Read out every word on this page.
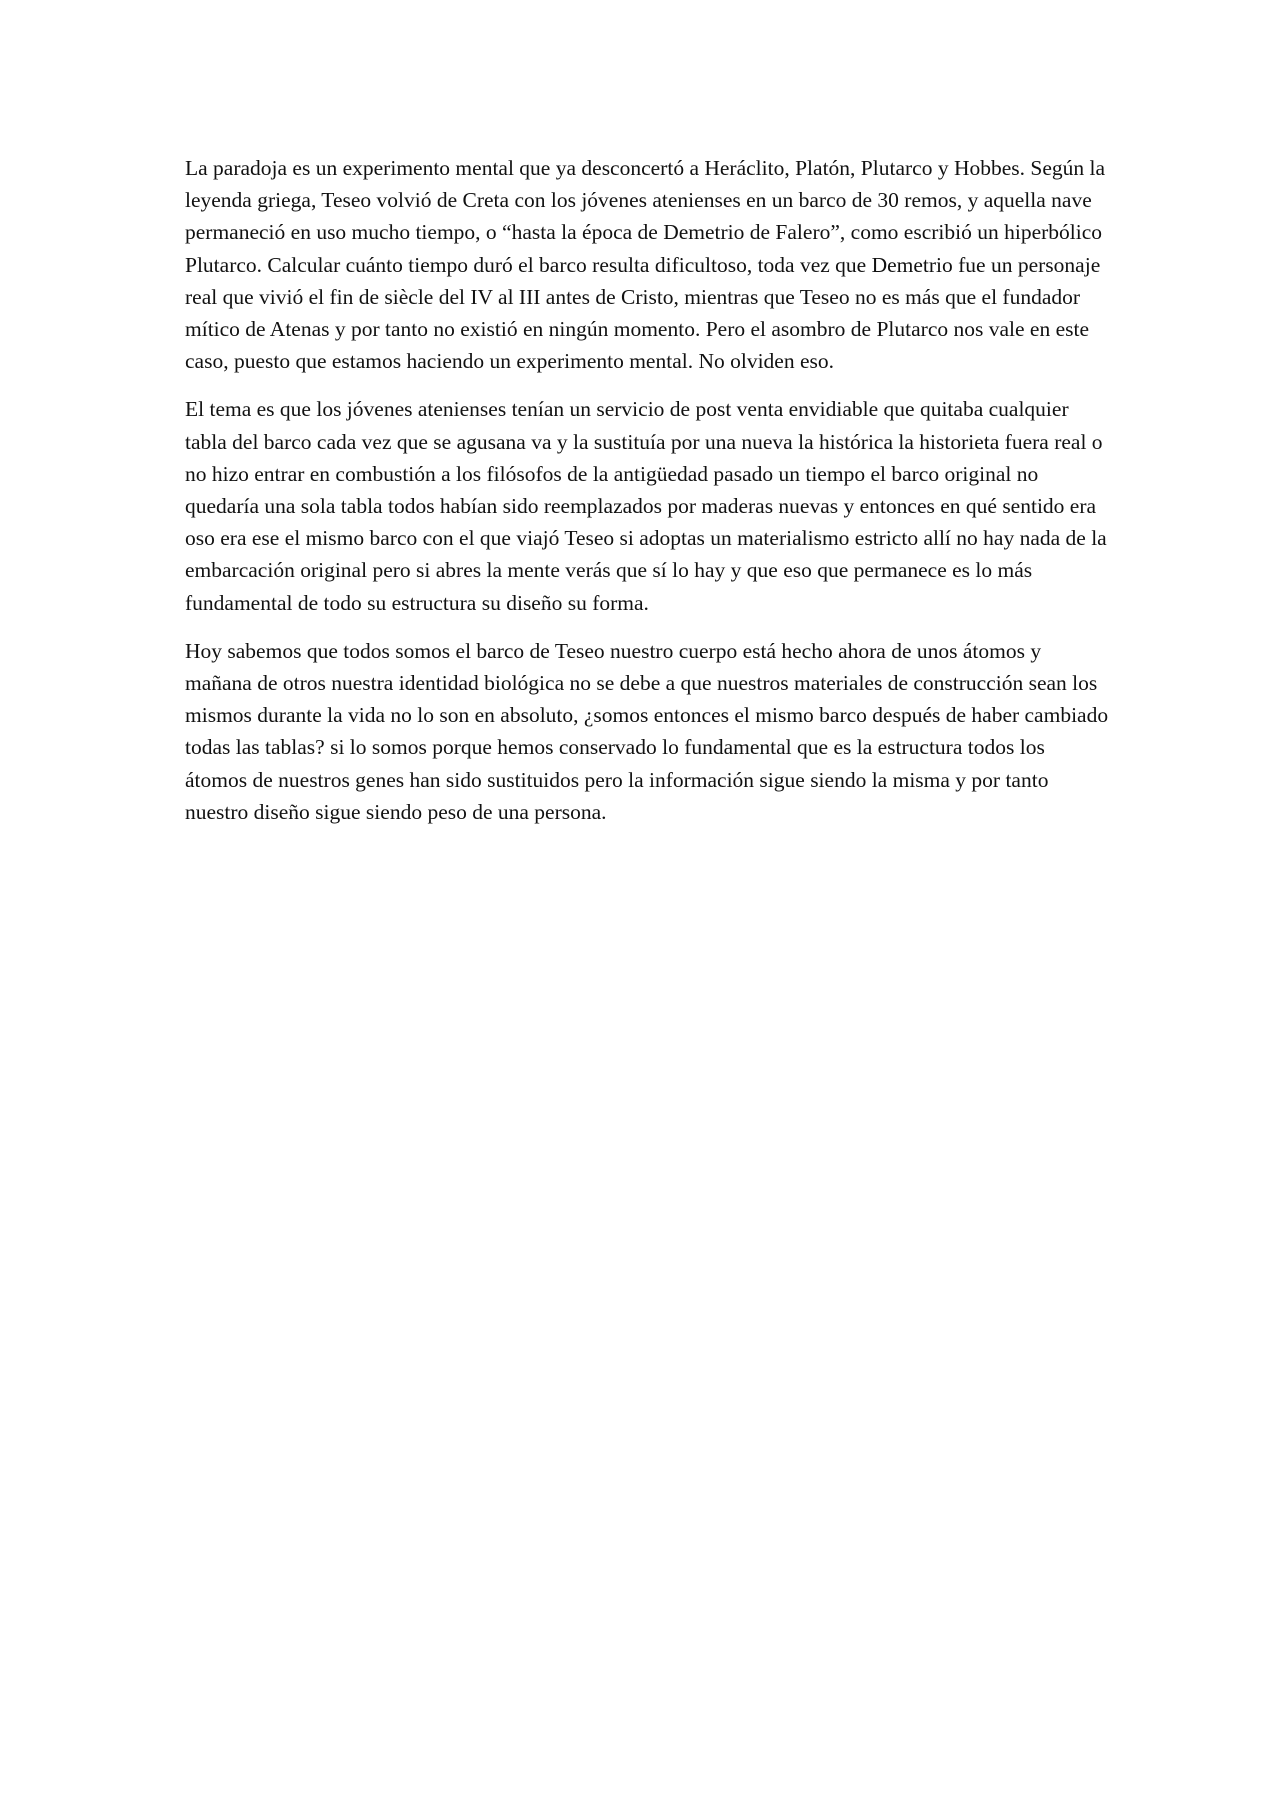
La paradoja es un experimento mental que ya desconcertó a Heráclito, Platón, Plutarco y Hobbes. Según la leyenda griega, Teseo volvió de Creta con los jóvenes atenienses en un barco de 30 remos, y aquella nave permaneció en uso mucho tiempo, o “hasta la época de Demetrio de Falero”, como escribió un hiperbólico Plutarco. Calcular cuánto tiempo duró el barco resulta dificultoso, toda vez que Demetrio fue un personaje real que vivió el fin de siècle del IV al III antes de Cristo, mientras que Teseo no es más que el fundador mítico de Atenas y por tanto no existió en ningún momento. Pero el asombro de Plutarco nos vale en este caso, puesto que estamos haciendo un experimento mental. No olviden eso.

El tema es que los jóvenes atenienses tenían un servicio de post venta envidiable que quitaba cualquier tabla del barco cada vez que se agusana va y la sustituía por una nueva la histórica la historieta fuera real o no hizo entrar en combustión a los filósofos de la antigüedad pasado un tiempo el barco original no quedaría una sola tabla todos habían sido reemplazados por maderas nuevas y entonces en qué sentido era oso era ese el mismo barco con el que viajó Teseo si adoptas un materialismo estricto allí no hay nada de la embarcación original pero si abres la mente verás que sí lo hay y que eso que permanece es lo más fundamental de todo su estructura su diseño su forma.

Hoy sabemos que todos somos el barco de Teseo nuestro cuerpo está hecho ahora de unos átomos y mañana de otros nuestra identidad biológica no se debe a que nuestros materiales de construcción sean los mismos durante la vida no lo son en absoluto, ¿somos entonces el mismo barco después de haber cambiado todas las tablas? si lo somos porque hemos conservado lo fundamental que es la estructura todos los átomos de nuestros genes han sido sustituidos pero la información sigue siendo la misma y por tanto nuestro diseño sigue siendo peso de una persona.
